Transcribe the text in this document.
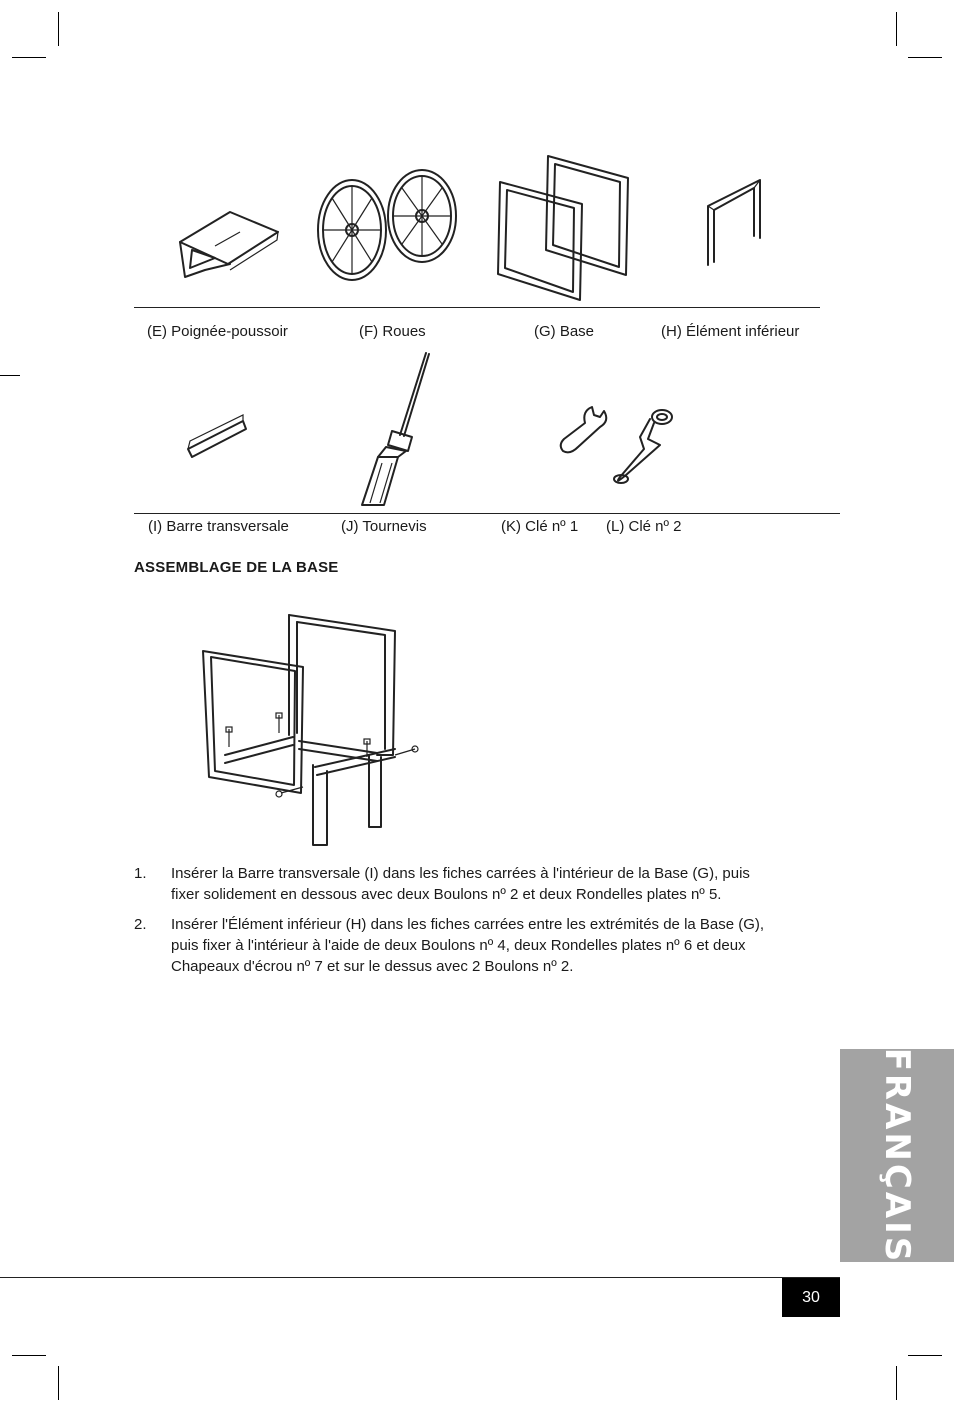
(E) Poignée-poussoir	(F) Roues	(G) Base	(H) Élément inférieur
(I) Barre transversale	(J) Tournevis	(K) Clé nº 1 (L) Clé nº 2
ASSEMBLAGE DE LA BASE
1. Insérer la Barre transversale (I) dans les fiches carrées à l'intérieur de la Base (G), puis fixer solidement en dessous avec deux Boulons nº 2 et deux Rondelles plates nº 5.
2. Insérer l'Élément inférieur (H) dans les fiches carrées entre les extrémités de la Base (G), puis fixer à l'intérieur à l'aide de deux Boulons nº 4, deux Rondelles plates nº 6 et deux Chapeaux d'écrou nº 7 et sur le dessus avec 2 Boulons nº 2.
FRANÇAIS
30
